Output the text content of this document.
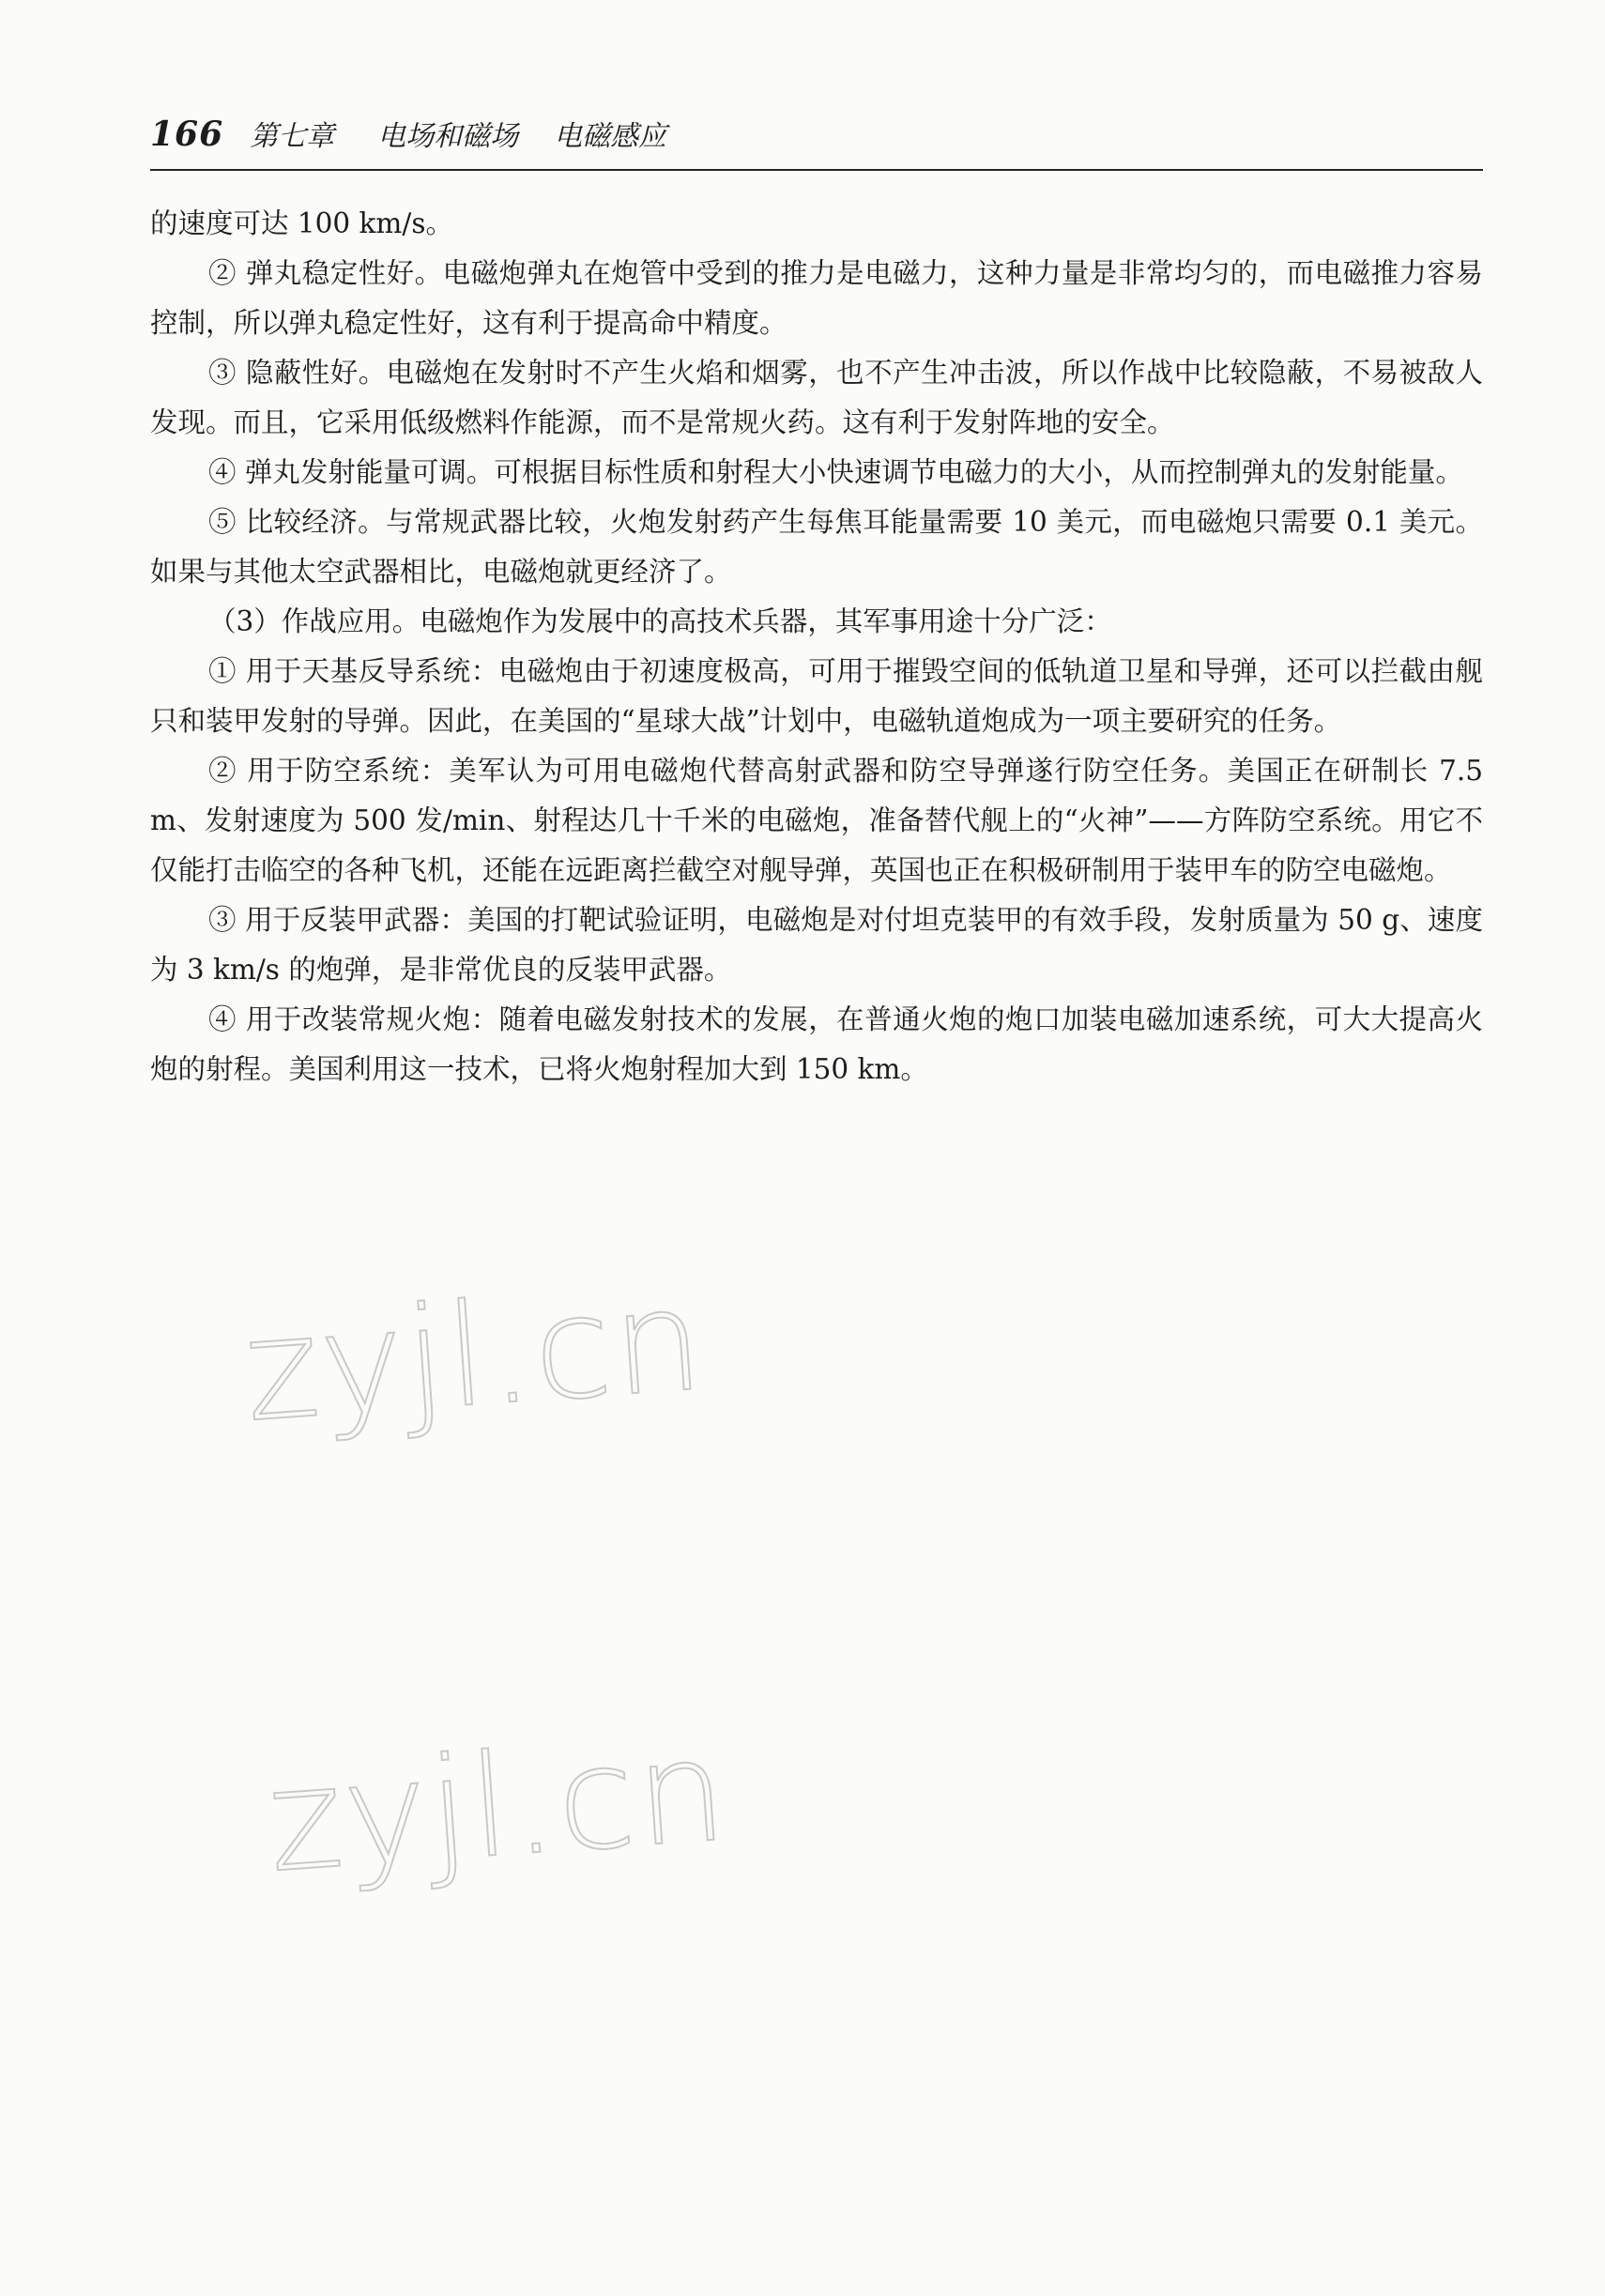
166 第七章 电场和磁场 电磁感应

的速度可达 100 km/s。

② 弹丸稳定性好。电磁炮弹丸在炮管中受到的推力是电磁力，这种力量是非常均匀的，而电磁推力容易控制，所以弹丸稳定性好，这有利于提高命中精度。

③ 隐蔽性好。电磁炮在发射时不产生火焰和烟雾，也不产生冲击波，所以作战中比较隐蔽，不易被敌人发现。而且，它采用低级燃料作能源，而不是常规火药。这有利于发射阵地的安全。

④ 弹丸发射能量可调。可根据目标性质和射程大小快速调节电磁力的大小，从而控制弹丸的发射能量。

⑤ 比较经济。与常规武器比较，火炮发射药产生每焦耳能量需要 10 美元，而电磁炮只需要 0.1 美元。如果与其他太空武器相比，电磁炮就更经济了。

（3）作战应用。电磁炮作为发展中的高技术兵器，其军事用途十分广泛：

① 用于天基反导系统：电磁炮由于初速度极高，可用于摧毁空间的低轨道卫星和导弹，还可以拦截由舰只和装甲发射的导弹。因此，在美国的“星球大战”计划中，电磁轨道炮成为一项主要研究的任务。

② 用于防空系统：美军认为可用电磁炮代替高射武器和防空导弹遂行防空任务。美国正在研制长 7.5 m、发射速度为 500 发/min、射程达几十千米的电磁炮，准备替代舰上的“火神”——方阵防空系统。用它不仅能打击临空的各种飞机，还能在远距离拦截空对舰导弹，英国也正在积极研制用于装甲车的防空电磁炮。

③ 用于反装甲武器：美国的打靶试验证明，电磁炮是对付坦克装甲的有效手段，发射质量为 50 g、速度为 3 km/s 的炮弹，是非常优良的反装甲武器。

④ 用于改装常规火炮：随着电磁发射技术的发展，在普通火炮的炮口加装电磁加速系统，可大大提高火炮的射程。美国利用这一技术，已将火炮射程加大到 150 km。

zyjl.cn
zyjl.cn
